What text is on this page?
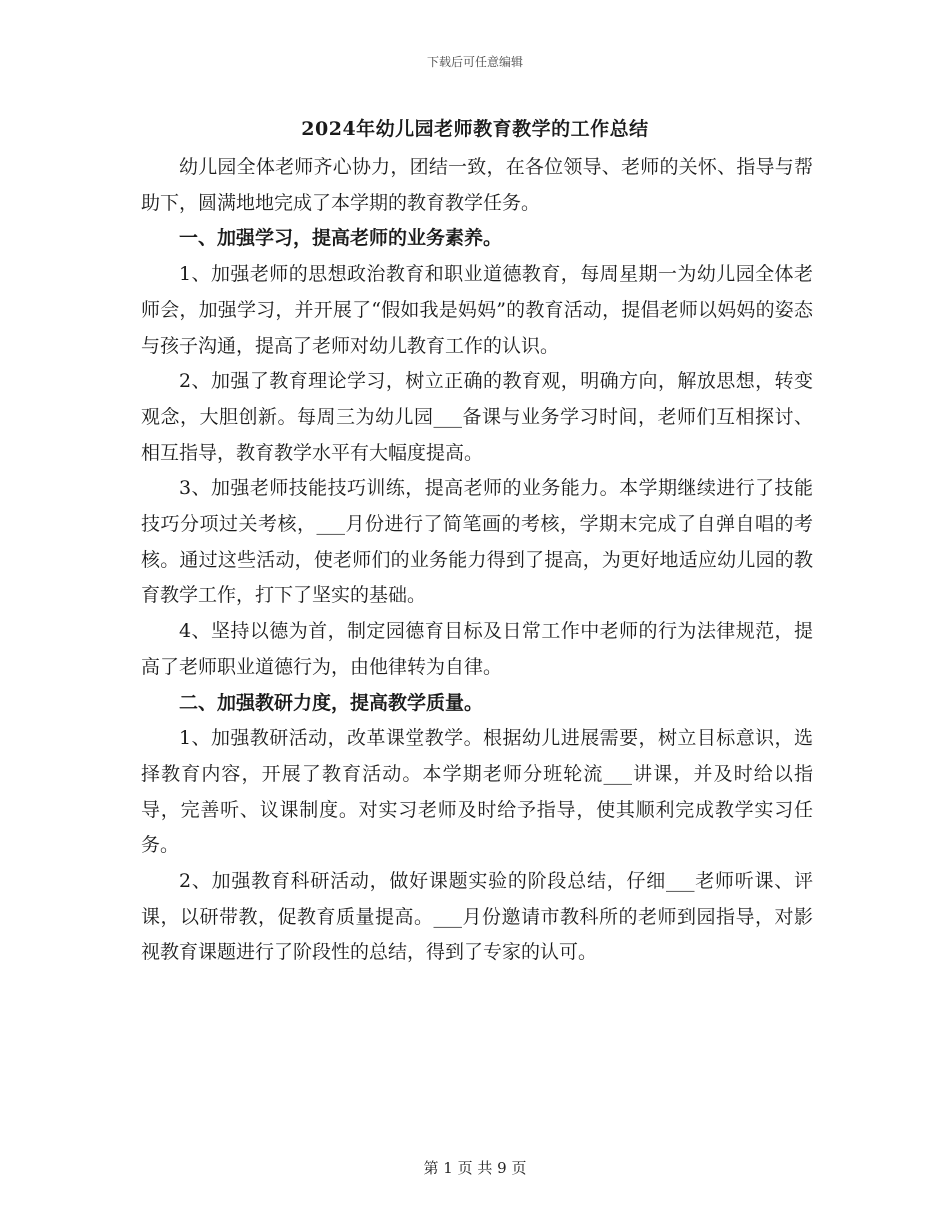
下载后可任意编辑
2024年幼儿园老师教育教学的工作总结

幼儿园全体老师齐心协力，团结一致，在各位领导、老师的关怀、指导与帮助下，圆满地地完成了本学期的教育教学任务。

一、加强学习，提高老师的业务素养。

1、加强老师的思想政治教育和职业道德教育，每周星期一为幼儿园全体老师会，加强学习，并开展了“假如我是妈妈”的教育活动，提倡老师以妈妈的姿态与孩子沟通，提高了老师对幼儿教育工作的认识。

2、加强了教育理论学习，树立正确的教育观，明确方向，解放思想，转变观念，大胆创新。每周三为幼儿园___备课与业务学习时间，老师们互相探讨、相互指导，教育教学水平有大幅度提高。

3、加强老师技能技巧训练，提高老师的业务能力。本学期继续进行了技能技巧分项过关考核，___月份进行了简笔画的考核，学期末完成了自弹自唱的考核。通过这些活动，使老师们的业务能力得到了提高，为更好地适应幼儿园的教育教学工作，打下了坚实的基础。

4、坚持以德为首，制定园德育目标及日常工作中老师的行为法律规范，提高了老师职业道德行为，由他律转为自律。

二、加强教研力度，提高教学质量。

1、加强教研活动，改革课堂教学。根据幼儿进展需要，树立目标意识，选择教育内容，开展了教育活动。本学期老师分班轮流___讲课，并及时给以指导，完善听、议课制度。对实习老师及时给予指导，使其顺利完成教学实习任务。

2、加强教育科研活动，做好课题实验的阶段总结，仔细___老师听课、评课，以研带教，促教育质量提高。___月份邀请市教科所的老师到园指导，对影视教育课题进行了阶段性的总结，得到了专家的认可。

第 1 页 共 9 页
